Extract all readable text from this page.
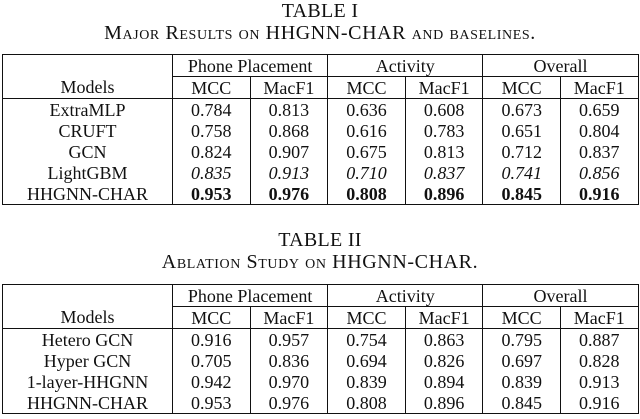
TABLE I
Major Results on HHGNN-CHAR and baselines.
	Phone Placement		Activity		Overall	
Models	MCC	MacF1	MCC	MacF1	MCC	MacF1
ExtraMLP	0.784	0.813	0.636	0.608	0.673	0.659
CRUFT	0.758	0.868	0.616	0.783	0.651	0.804
GCN	0.824	0.907	0.675	0.813	0.712	0.837
LightGBM	0.835	0.913	0.710	0.837	0.741	0.856
HHGNN-CHAR	0.953	0.976	0.808	0.896	0.845	0.916
TABLE II
Ablation Study on HHGNN-CHAR.
	Phone Placement		Activity		Overall	
Models	MCC	MacF1	MCC	MacF1	MCC	MacF1
Hetero GCN	0.916	0.957	0.754	0.863	0.795	0.887
Hyper GCN	0.705	0.836	0.694	0.826	0.697	0.828
1-layer-HHGNN	0.942	0.970	0.839	0.894	0.839	0.913
HHGNN-CHAR	0.953	0.976	0.808	0.896	0.845	0.916
